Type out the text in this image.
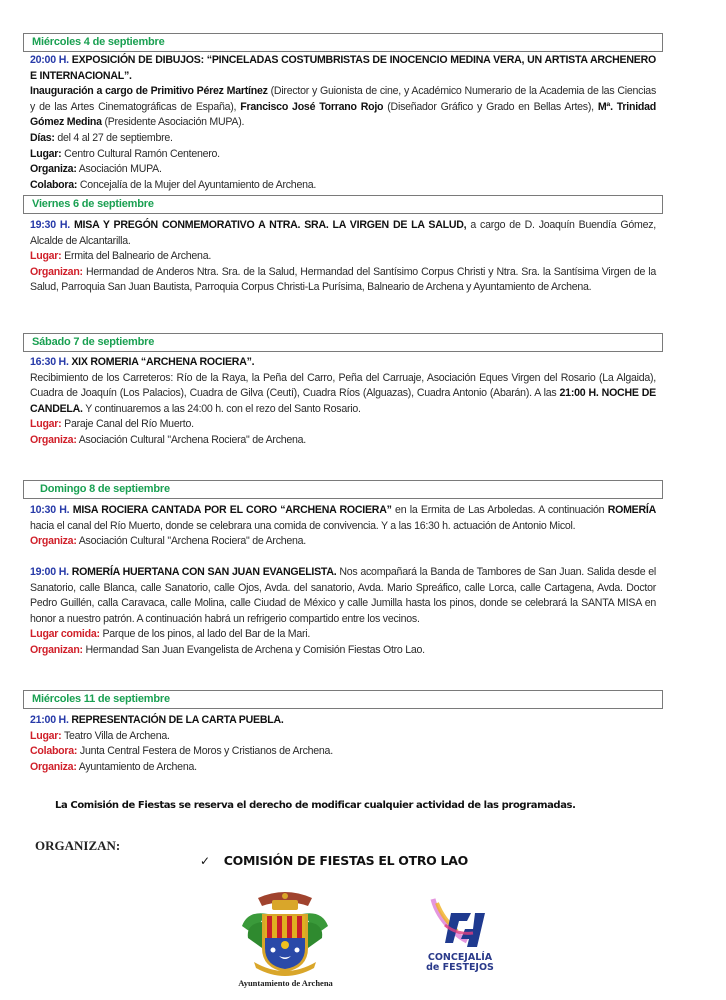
Miércoles 4 de septiembre

20:00 H. EXPOSICIÓN DE DIBUJOS: “PINCELADAS COSTUMBRISTAS DE INOCENCIO MEDINA VERA, UN ARTISTA ARCHENERO E INTERNACIONAL”.

Inauguración a cargo de Primitivo Pérez Martínez (Director y Guionista de cine, y Académico Numerario de la Academia de las Ciencias y de las Artes Cinematográficas de España), Francisco José Torrano Rojo (Diseñador Gráfico y Grado en Bellas Artes), Mª. Trinidad Gómez Medina (Presidente Asociación MUPA).

Días: del 4 al 27 de septiembre.

Lugar: Centro Cultural Ramón Centenero.

Organiza: Asociación MUPA.

Colabora: Concejalía de la Mujer del Ayuntamiento de Archena.

Viernes 6 de septiembre

19:30 H. MISA Y PREGÓN CONMEMORATIVO A NTRA. SRA. LA VIRGEN DE LA SALUD, a cargo de D. Joaquín Buendía Gómez, Alcalde de Alcantarilla.

Lugar: Ermita del Balneario de Archena.

Organizan: Hermandad de Anderos Ntra. Sra. de la Salud, Hermandad del Santísimo Corpus Christi y Ntra. Sra. la Santísima Virgen de la Salud, Parroquia San Juan Bautista, Parroquia Corpus Christi-La Purísima, Balneario de Archena y Ayuntamiento de Archena.

Sábado 7 de septiembre

16:30 H. XIX ROMERIA “ARCHENA ROCIERA”.

Recibimiento de los Carreteros: Río de la Raya, la Peña del Carro, Peña del Carruaje, Asociación Eques Virgen del Rosario (La Algaida), Cuadra de Joaquín (Los Palacios), Cuadra de Gilva (Ceutí), Cuadra Ríos (Alguazas), Cuadra Antonio (Abarán). A las 21:00 H. NOCHE DE CANDELA. Y continuaremos a las 24:00 h. con el rezo del Santo Rosario.

Lugar: Paraje Canal del Río Muerto.

Organiza: Asociación Cultural "Archena Rociera" de Archena.

Domingo 8 de septiembre

10:30 H. MISA ROCIERA CANTADA POR EL CORO “ARCHENA ROCIERA” en la Ermita de Las Arboledas. A continuación ROMERÍA hacia el canal del Río Muerto, donde se celebrara una comida de convivencia. Y a las 16:30 h. actuación de Antonio Micol.

Organiza: Asociación Cultural "Archena Rociera" de Archena.

19:00 H. ROMERÍA HUERTANA CON SAN JUAN EVANGELISTA. Nos acompañará la Banda de Tambores de San Juan. Salida desde el Sanatorio, calle Blanca, calle Sanatorio, calle Ojos, Avda. del sanatorio, Avda. Mario Spreáfico, calle Lorca, calle Cartagena, Avda. Doctor Pedro Guillén, calla Caravaca, calle Molina, calle Ciudad de México y calle Jumilla hasta los pinos, donde se celebrará la SANTA MISA en honor a nuestro patrón. A continuación habrá un refrigerio compartido entre los vecinos.

Lugar comida: Parque de los pinos, al lado del Bar de la Mari.

Organizan: Hermandad San Juan Evangelista de Archena y Comisión Fiestas Otro Lao.

Miércoles 11 de septiembre

21:00 H. REPRESENTACIÓN DE LA CARTA PUEBLA.

Lugar: Teatro Villa de Archena.

Colabora: Junta Central Festera de Moros y Cristianos de Archena.

Organiza: Ayuntamiento de Archena.

La Comisión de Fiestas se reserva el derecho de modificar cualquier actividad de las programadas.
ORGANIZAN:
✓ COMISIÓN DE FIESTAS EL OTRO LAO
Ayuntamiento de Archena
CONCEJALÍA
de FESTEJOS
